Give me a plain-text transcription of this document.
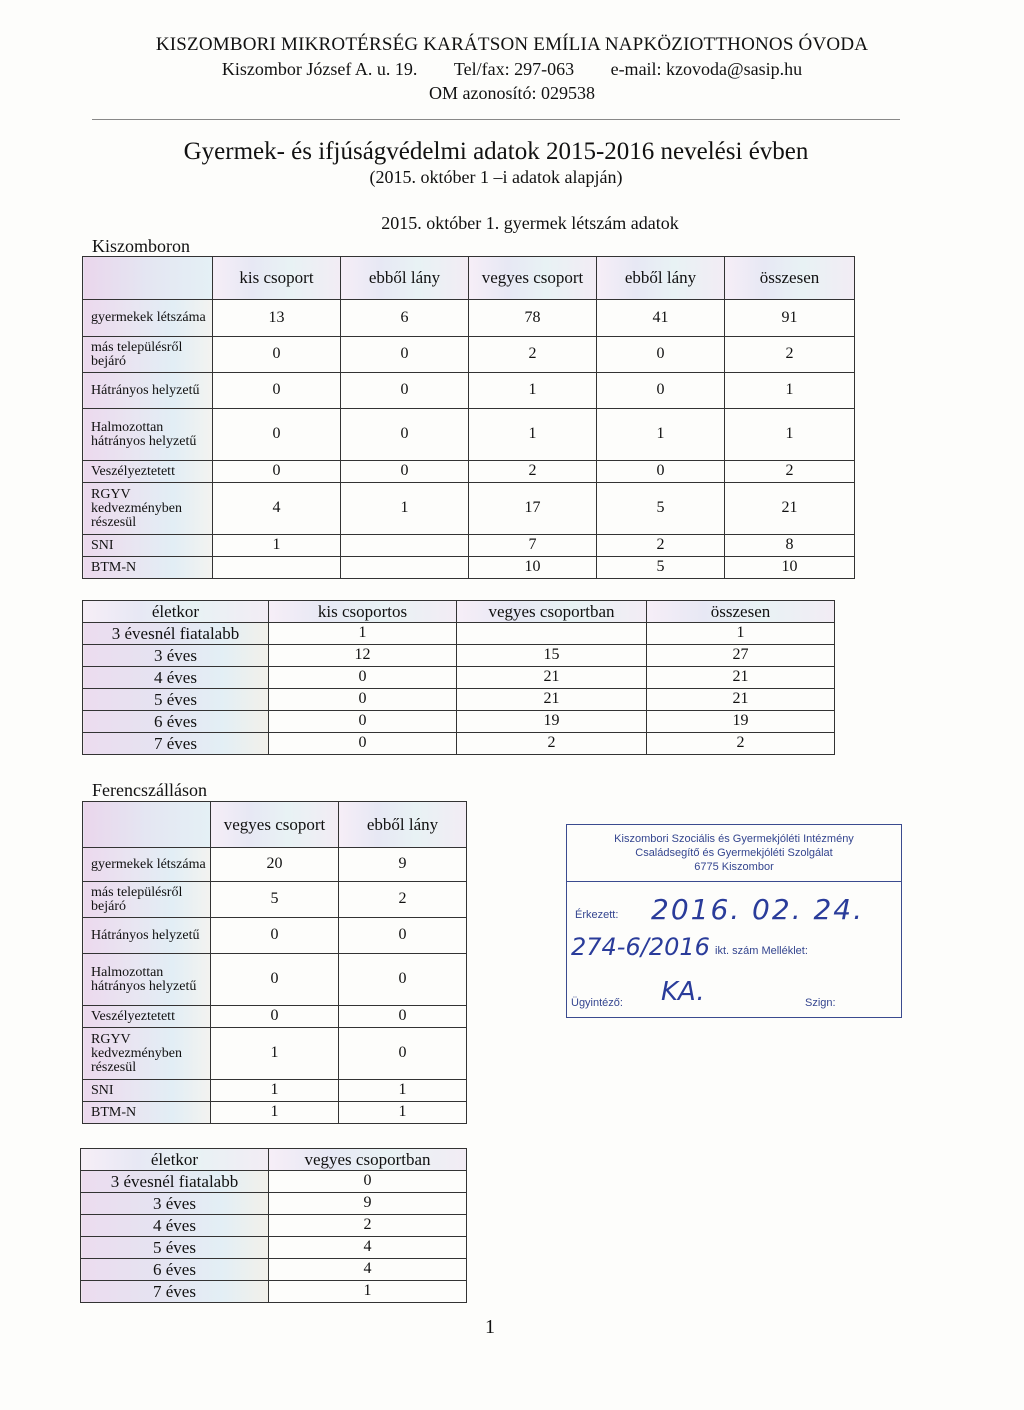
KISZOMBORI MIKROTÉRSÉG KARÁTSON EMÍLIA NAPKÖZIOTTHONOS ÓVODA
Kiszombor József A. u. 19. Tel/fax: 297-063 e-mail: kzovoda@sasip.hu
OM azonosító: 029538
Gyermek- és ifjúságvédelmi adatok 2015-2016 nevelési évben
(2015. október 1 –i adatok alapján)
2015. október 1. gyermek létszám adatok
Kiszomboron
	kis csoport	ebből lány	vegyes csoport	ebből lány	összesen
gyermekek létszáma	13	6	78	41	91
más településről bejáró	0	0	2	0	2
Hátrányos helyzetű	0	0	1	0	1
Halmozottan hátrányos helyzetű	0	0	1	1	1
Veszélyeztetett	0	0	2	0	2
RGYV kedvezményben részesül	4	1	17	5	21
SNI	1		7	2	8
BTM-N			10	5	10
életkor	kis csoportos	vegyes csoportban	összesen
3 évesnél fiatalabb	1		1
3 éves	12	15	27
4 éves	0	21	21
5 éves	0	21	21
6 éves	0	19	19
7 éves	0	2	2
Ferencszálláson
	vegyes csoport	ebből lány
gyermekek létszáma	20	9
más településről bejáró	5	2
Hátrányos helyzetű	0	0
Halmozottan hátrányos helyzetű	0	0
Veszélyeztetett	0	0
RGYV kedvezményben részesül	1	0
SNI	1	1
BTM-N	1	1
életkor	vegyes csoportban
3 évesnél fiatalabb	0
3 éves	9
4 éves	2
5 éves	4
6 éves	4
7 éves	1
Kiszombori Szociális és Gyermekjóléti Intézmény
Családsegítő és Gyermekjóléti Szolgálat
6775 Kiszombor
Érkezett: 2016. 02. 24.
274-6/2016 ikt. szám Melléklet:
Ügyintéző: KA.	Szign:
1
